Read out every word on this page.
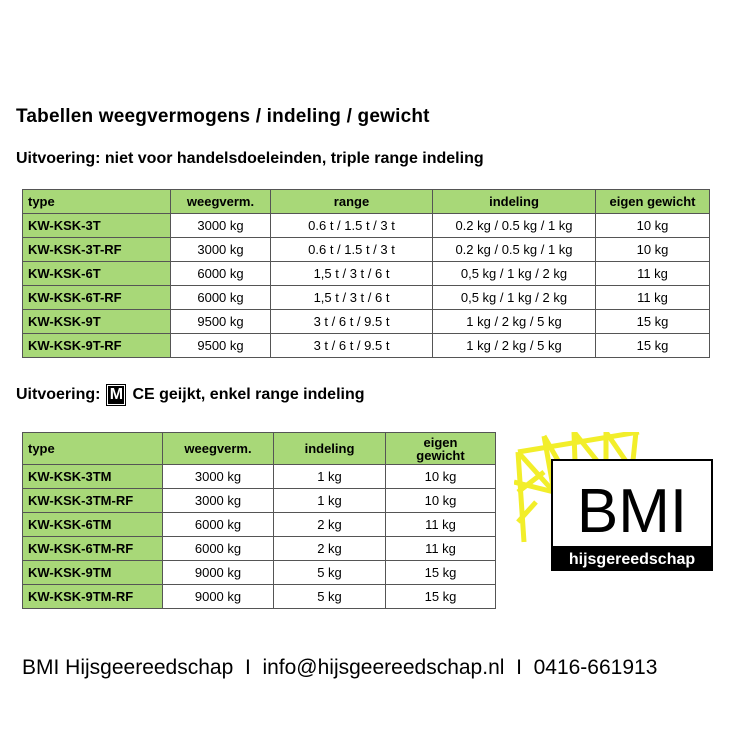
Tabellen weegvermogens / indeling / gewicht
Uitvoering: niet voor handelsdoeleinden, triple range indeling
type	weegverm.	range	indeling	eigen gewicht
KW-KSK-3T	3000 kg	0.6 t / 1.5 t / 3 t	0.2 kg / 0.5 kg / 1 kg	10 kg
KW-KSK-3T-RF	3000 kg	0.6 t / 1.5 t / 3 t	0.2 kg / 0.5 kg / 1 kg	10 kg
KW-KSK-6T	6000 kg	1,5 t / 3 t / 6 t	0,5 kg / 1 kg / 2 kg	11 kg
KW-KSK-6T-RF	6000 kg	1,5 t / 3 t / 6 t	0,5 kg / 1 kg / 2 kg	11 kg
KW-KSK-9T	9500 kg	3 t / 6 t / 9.5 t	1 kg / 2 kg / 5 kg	15 kg
KW-KSK-9T-RF	9500 kg	3 t / 6 t / 9.5 t	1 kg / 2 kg / 5 kg	15 kg
Uitvoering: M CE geijkt, enkel range indeling
type	weegverm.	indeling	eigen gewicht
KW-KSK-3TM	3000 kg	1 kg	10 kg
KW-KSK-3TM-RF	3000 kg	1 kg	10 kg
KW-KSK-6TM	6000 kg	2 kg	11 kg
KW-KSK-6TM-RF	6000 kg	2 kg	11 kg
KW-KSK-9TM	9000 kg	5 kg	15 kg
KW-KSK-9TM-RF	9000 kg	5 kg	15 kg
BMI
hijsgereedschap
BMI Hijsgeereedschap  I  info@hijsgeereedschap.nl  I  0416-661913
